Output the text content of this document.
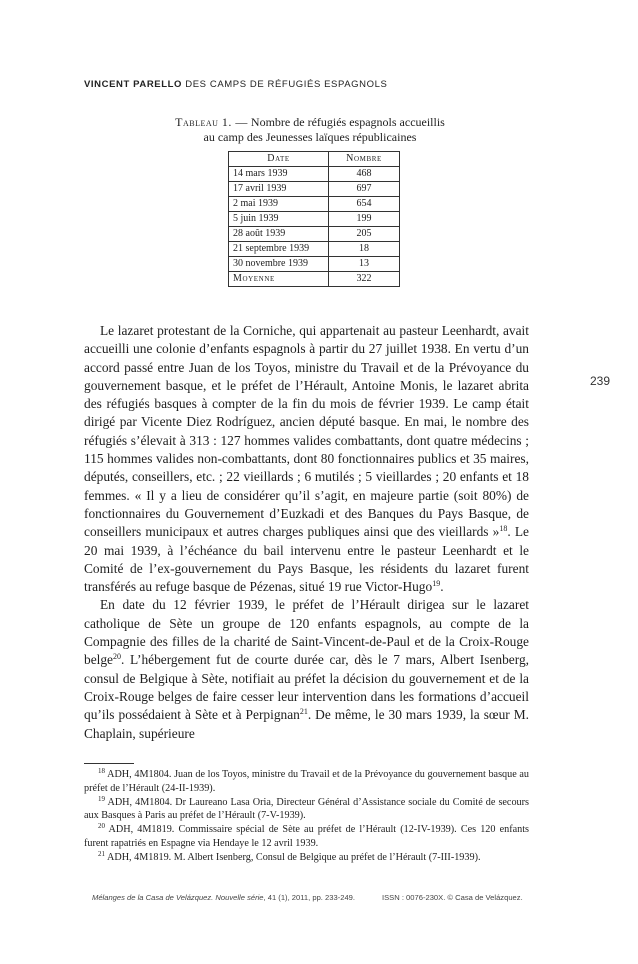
VINCENT PARELLO DES CAMPS DE RÉFUGIÉS ESPAGNOLS
Tableau 1. — Nombre de réfugiés espagnols accueillis
au camp des Jeunesses laïques républicaines
Date	Nombre
14 mars 1939	468
17 avril 1939	697
2 mai 1939	654
5 juin 1939	199
28 août 1939	205
21 septembre 1939	18
30 novembre 1939	13
Moyenne	322
239

Le lazaret protestant de la Corniche, qui appartenait au pasteur Leenhardt, avait accueilli une colonie d’enfants espagnols à partir du 27 juillet 1938. En vertu d’un accord passé entre Juan de los Toyos, ministre du Travail et de la Prévoyance du gouvernement basque, et le préfet de l’Hérault, Antoine Monis, le lazaret abrita des réfugiés basques à compter de la fin du mois de février 1939. Le camp était dirigé par Vicente Diez Rodríguez, ancien député basque. En mai, le nombre des réfugiés s’élevait à 313 : 127 hommes valides combattants, dont quatre médecins ; 115 hommes valides non-combattants, dont 80 fonctionnaires publics et 35 maires, députés, conseillers, etc. ; 22 vieillards ; 6 mutilés ; 5 vieillardes ; 20 enfants et 18 femmes. « Il y a lieu de considérer qu’il s’agit, en majeure partie (soit 80%) de fonctionnaires du Gouvernement d’Euzkadi et des Banques du Pays Basque, de conseillers municipaux et autres charges publiques ainsi que des vieillards »$^{18}$. Le 20 mai 1939, à l’échéance du bail intervenu entre le pasteur Leenhardt et le Comité de l’ex-gouvernement du Pays Basque, les résidents du lazaret furent transférés au refuge basque de Pézenas, situé 19 rue Victor-Hugo$^{19}$.

En date du 12 février 1939, le préfet de l’Hérault dirigea sur le lazaret catholique de Sète un groupe de 120 enfants espagnols, au compte de la Compagnie des filles de la charité de Saint-Vincent-de-Paul et de la Croix-Rouge belge$^{20}$. L’hébergement fut de courte durée car, dès le 7 mars, Albert Isenberg, consul de Belgique à Sète, notifiait au préfet la décision du gouvernement et de la Croix-Rouge belges de faire cesser leur intervention dans les formations d’accueil qu’ils possédaient à Sète et à Perpignan$^{21}$. De même, le 30 mars 1939, la sœur M. Chaplain, supérieure

$^{18}$ ADH, 4M1804. Juan de los Toyos, ministre du Travail et de la Prévoyance du gouvernement basque au préfet de l’Hérault (24-II-1939).

$^{19}$ ADH, 4M1804. Dr Laureano Lasa Oria, Directeur Général d’Assistance sociale du Comité de secours aux Basques à Paris au préfet de l’Hérault (7-V-1939).

$^{20}$ ADH, 4M1819. Commissaire spécial de Sète au préfet de l’Hérault (12-IV-1939). Ces 120 enfants furent rapatriés en Espagne via Hendaye le 12 avril 1939.

$^{21}$ ADH, 4M1819. M. Albert Isenberg, Consul de Belgique au préfet de l’Hérault (7-III-1939).

Mélanges de la Casa de Velázquez. Nouvelle série, 41 (1), 2011, pp. 233-249.	ISSN : 0076-230X. © Casa de Velázquez.
